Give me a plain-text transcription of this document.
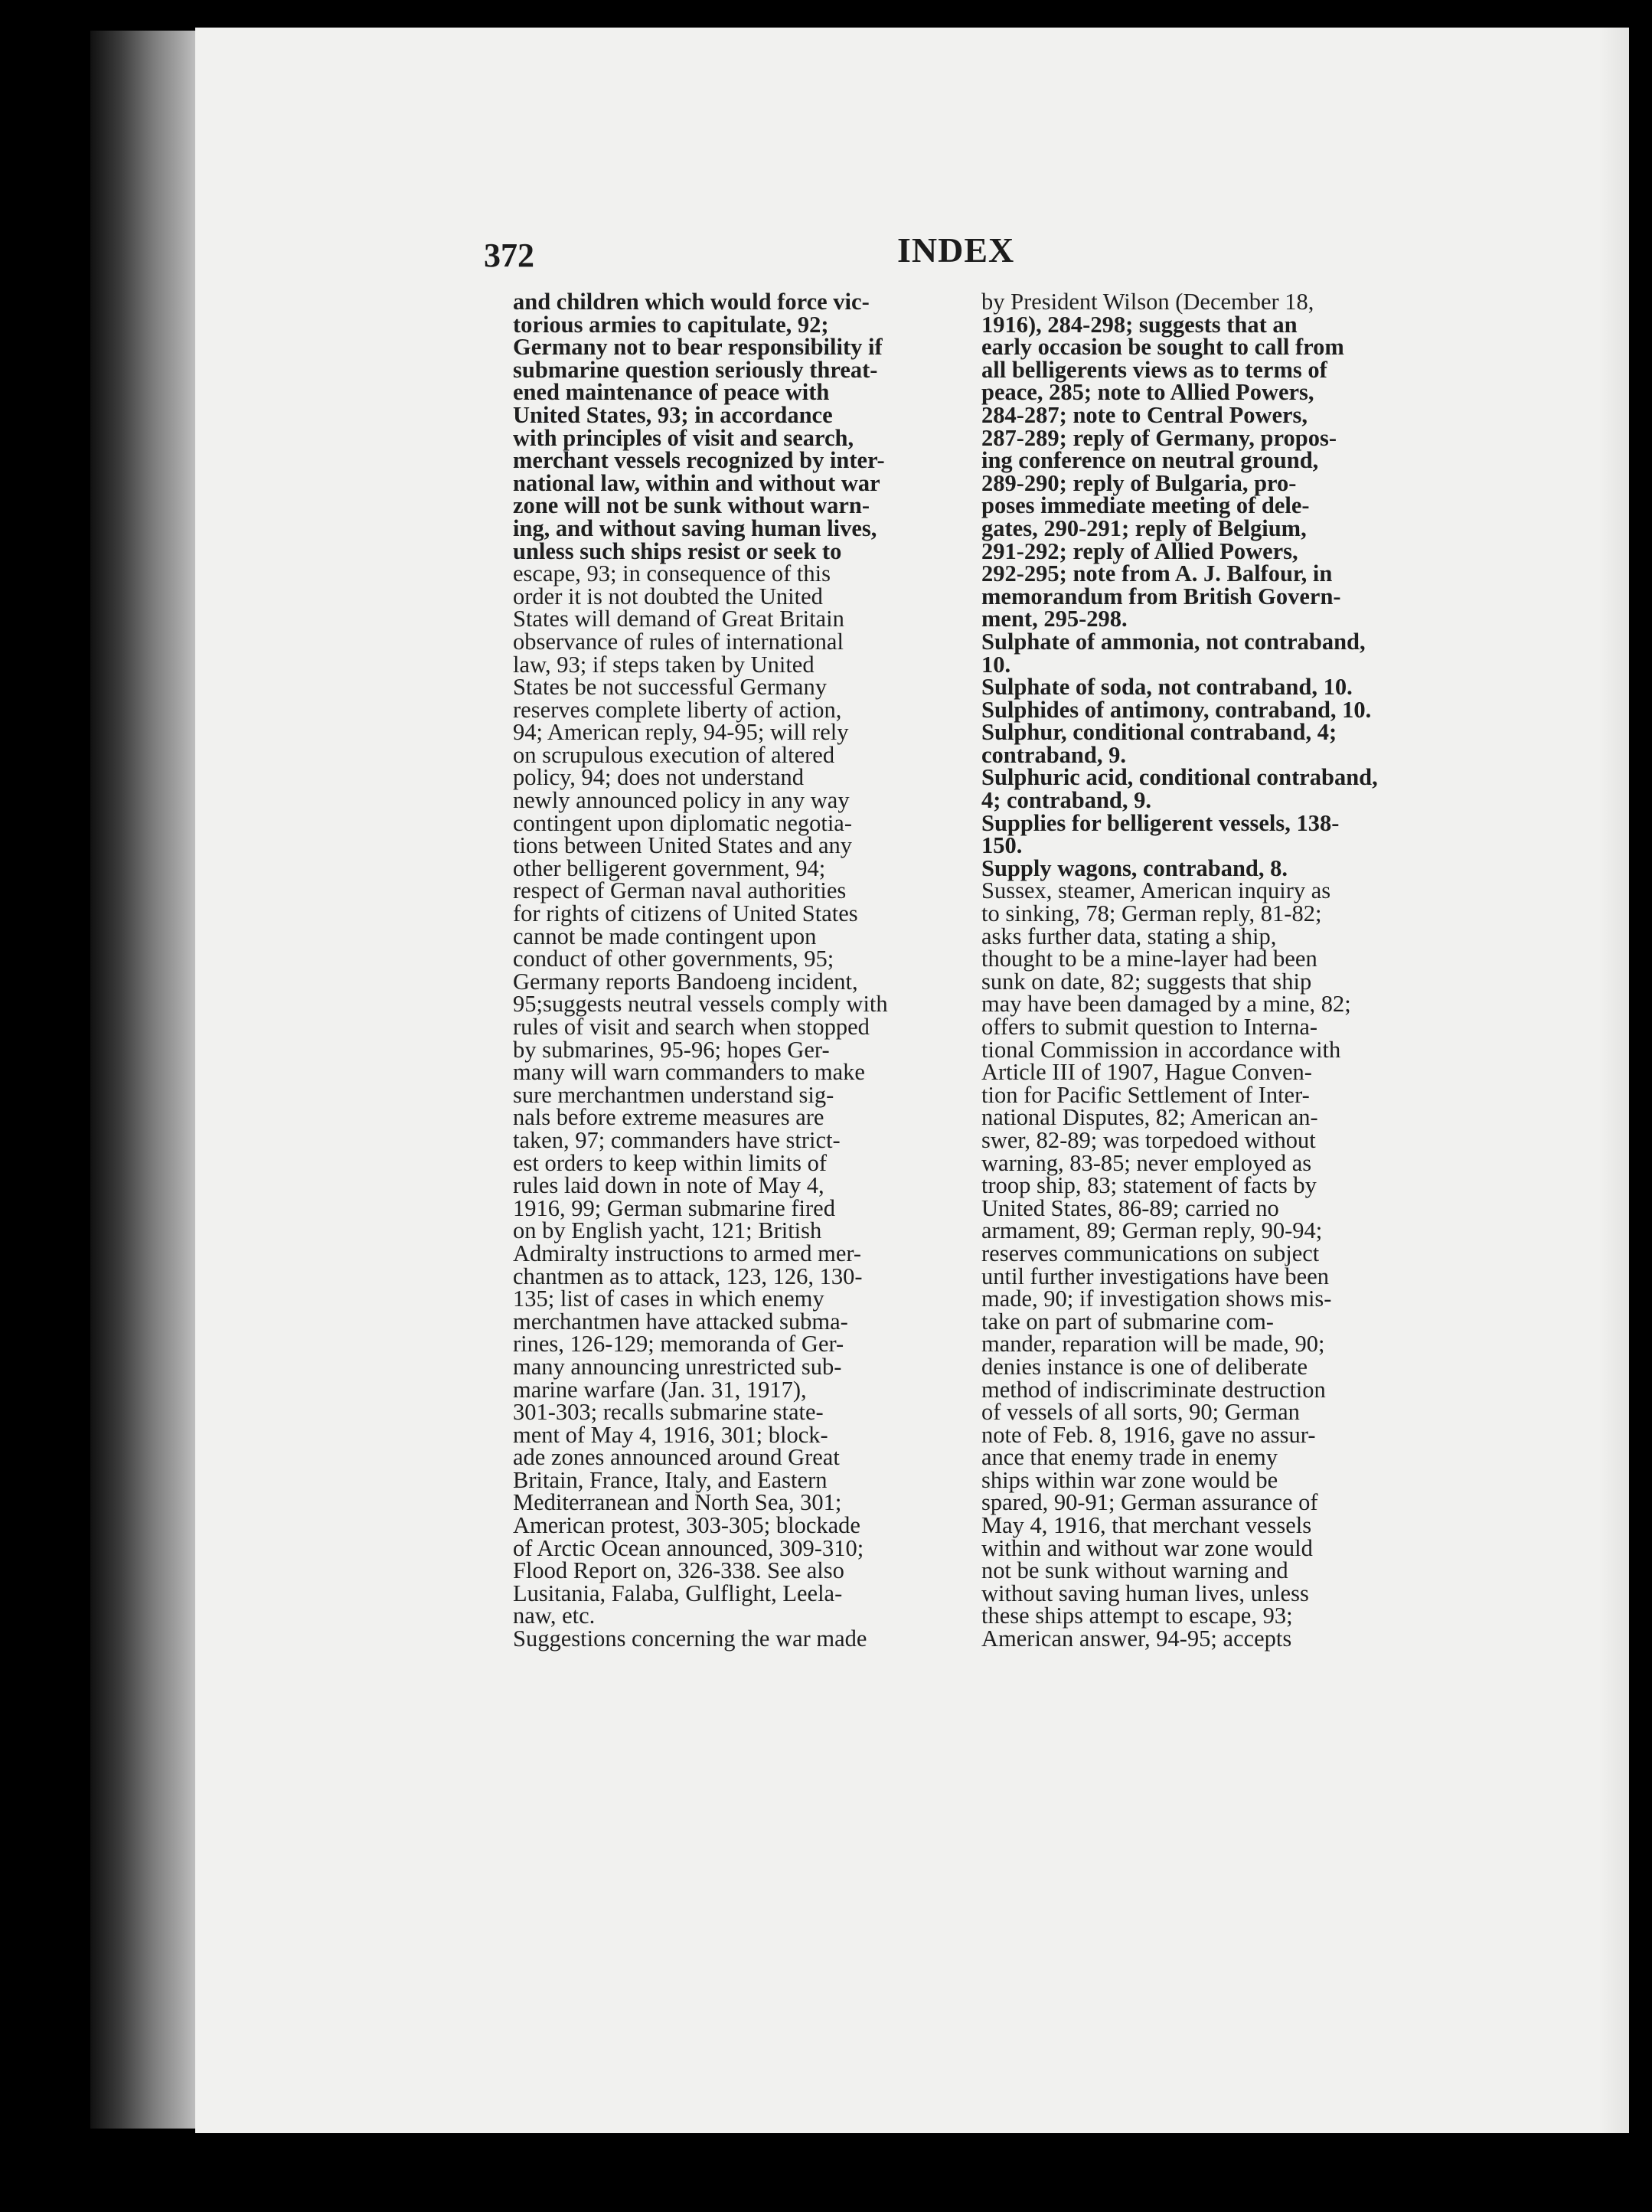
372	INDEX
and children which would force vic-
torious armies to capitulate, 92;
Germany not to bear responsibility if
submarine question seriously threat-
ened maintenance of peace with
United States, 93; in accordance
with principles of visit and search,
merchant vessels recognized by inter-
national law, within and without war
zone will not be sunk without warn-
ing, and without saving human lives,
unless such ships resist or seek to
escape, 93; in consequence of this
order it is not doubted the United
States will demand of Great Britain
observance of rules of international
law, 93; if steps taken by United
States be not successful Germany
reserves complete liberty of action,
94; American reply, 94-95; will rely
on scrupulous execution of altered
policy, 94; does not understand
newly announced policy in any way
contingent upon diplomatic negotia-
tions between United States and any
other belligerent government, 94;
respect of German naval authorities
for rights of citizens of United States
cannot be made contingent upon
conduct of other governments, 95;
Germany reports Bandoeng incident,
95;suggests neutral vessels comply with
rules of visit and search when stopped
by submarines, 95-96; hopes Ger-
many will warn commanders to make
sure merchantmen understand sig-
nals before extreme measures are
taken, 97; commanders have strict-
est orders to keep within limits of
rules laid down in note of May 4,
1916, 99; German submarine fired
on by English yacht, 121; British
Admiralty instructions to armed mer-
chantmen as to attack, 123, 126, 130-
135; list of cases in which enemy
merchantmen have attacked subma-
rines, 126-129; memoranda of Ger-
many announcing unrestricted sub-
marine warfare (Jan. 31, 1917),
301-303; recalls submarine state-
ment of May 4, 1916, 301; block-
ade zones announced around Great
Britain, France, Italy, and Eastern
Mediterranean and North Sea, 301;
American protest, 303-305; blockade
of Arctic Ocean announced, 309-310;
Flood Report on, 326-338. See also
Lusitania, Falaba, Gulflight, Leela-
naw, etc.
Suggestions concerning the war made
by President Wilson (December 18,
1916), 284-298; suggests that an
early occasion be sought to call from
all belligerents views as to terms of
peace, 285; note to Allied Powers,
284-287; note to Central Powers,
287-289; reply of Germany, propos-
ing conference on neutral ground,
289-290; reply of Bulgaria, pro-
poses immediate meeting of dele-
gates, 290-291; reply of Belgium,
291-292; reply of Allied Powers,
292-295; note from A. J. Balfour, in
memorandum from British Govern-
ment, 295-298.
Sulphate of ammonia, not contraband,
10.
Sulphate of soda, not contraband, 10.
Sulphides of antimony, contraband, 10.
Sulphur, conditional contraband, 4;
contraband, 9.
Sulphuric acid, conditional contraband,
4; contraband, 9.
Supplies for belligerent vessels, 138-
150.
Supply wagons, contraband, 8.
Sussex, steamer, American inquiry as
to sinking, 78; German reply, 81-82;
asks further data, stating a ship,
thought to be a mine-layer had been
sunk on date, 82; suggests that ship
may have been damaged by a mine, 82;
offers to submit question to Interna-
tional Commission in accordance with
Article III of 1907, Hague Conven-
tion for Pacific Settlement of Inter-
national Disputes, 82; American an-
swer, 82-89; was torpedoed without
warning, 83-85; never employed as
troop ship, 83; statement of facts by
United States, 86-89; carried no
armament, 89; German reply, 90-94;
reserves communications on subject
until further investigations have been
made, 90; if investigation shows mis-
take on part of submarine com-
mander, reparation will be made, 90;
denies instance is one of deliberate
method of indiscriminate destruction
of vessels of all sorts, 90; German
note of Feb. 8, 1916, gave no assur-
ance that enemy trade in enemy
ships within war zone would be
spared, 90-91; German assurance of
May 4, 1916, that merchant vessels
within and without war zone would
not be sunk without warning and
without saving human lives, unless
these ships attempt to escape, 93;
American answer, 94-95; accepts
